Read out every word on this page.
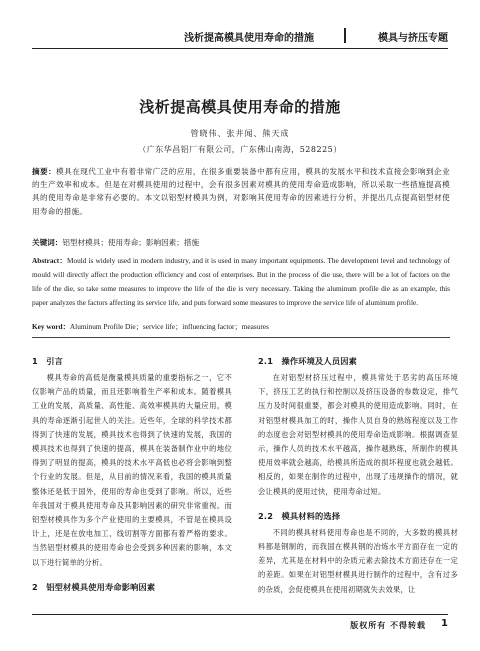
浅析提高模具使用寿命的措施	模具与挤压专题
浅析提高模具使用寿命的措施
管晓伟、张井闻、熊天成
（广东华昌铝厂有限公司，广东佛山南海，528225）
摘要：模具在现代工业中有着非常广泛的应用，在很多重要装备中都有应用，模具的发展水平和技术直接会影响到企业的生产效率和成本。但是在对模具使用的过程中，会有很多因素对模具的使用寿命造成影响，所以采取一些措施提高模具的使用寿命是非常有必要的。本文以铝型材模具为例，对影响其使用寿命的因素进行分析，并提出几点提高铝型材使用寿命的措施。
关键词：铝型材模具；使用寿命；影响因素；措施
Abstract：Mould is widely used in modern industry, and it is used in many important equipments. The development level and technology of mould will directly affect the production efficiency and cost of enterprises. But in the process of die use, there will be a lot of factors on the life of the die, so take some measures to improve the life of the die is very necessary. Taking the aluminum profile die as an example, this paper analyzes the factors affecting its service life, and puts forward some measures to improve the service life of aluminum profile.
Key word：Aluminum Profile Die；service life；influencing factor；measures
1　引言

模具寿命的高低是衡量模具质量的重要指标之一，它不仅影响产品的质量，而且还影响着生产率和成本。随着模具工业的发展，高质量、高性能、高效率模具的大量应用，模具的寿命逐渐引起世人的关注。近些年，全球的科学技术都得到了快速的发展，模具技术也得到了快速的发展，我国的模具技术也得到了快速的提高，模具在装备制作业中的地位得到了明显的提高，模具的技术水平高低也必将会影响到整个行业的发展。但是，从目前的情况来看，我国的模具质量整体还是低于国外，使用的寿命也受到了影响。所以，近些年我国对于模具使用寿命及其影响因素的研究非常重视。而铝型材模具作为多个产业使用的主要模具，不管是在模具设计上，还是在放电加工、线切割等方面都有着严格的要求。当然铝型材模具的使用寿命也会受到多种因素的影响，本文以下进行简单的分析。

2　铝型材模具使用寿命影响因素
2.1　操作环境及人员因素

在对铝型材挤压过程中，模具常处于恶劣的高压环境下，挤压工艺的执行和控制以及挤压设备的参数设定，排气压力及时间很重要，都会对模具的使用造成影响。同时，在对铝型材模具加工的时，操作人员自身的熟练程度以及工作的态度也会对铝型材模具的使用寿命造成影响。根据调查显示，操作人员的技术水平越高，操作越熟练，所制作的模具使用效率就会越高，给模具所造成的损坏程度也就会越低。相反的，如果在制作的过程中，出现了违规操作的情况，就会让模具的使用过快，使用寿命过短。

2.2　模具材料的选择

不同的模具材料使用寿命也是不同的，大多数的模具材料都是钢制的，而我国在模具钢的冶炼水平方面存在一定的差异，尤其是在材料中的杂质元素去除技术方面还存在一定的差距。如果在对铝型材模具进行制作的过程中，含有过多的杂质，会促使模具在使用初期就失去效果，让

版权所有 不得转载 1
